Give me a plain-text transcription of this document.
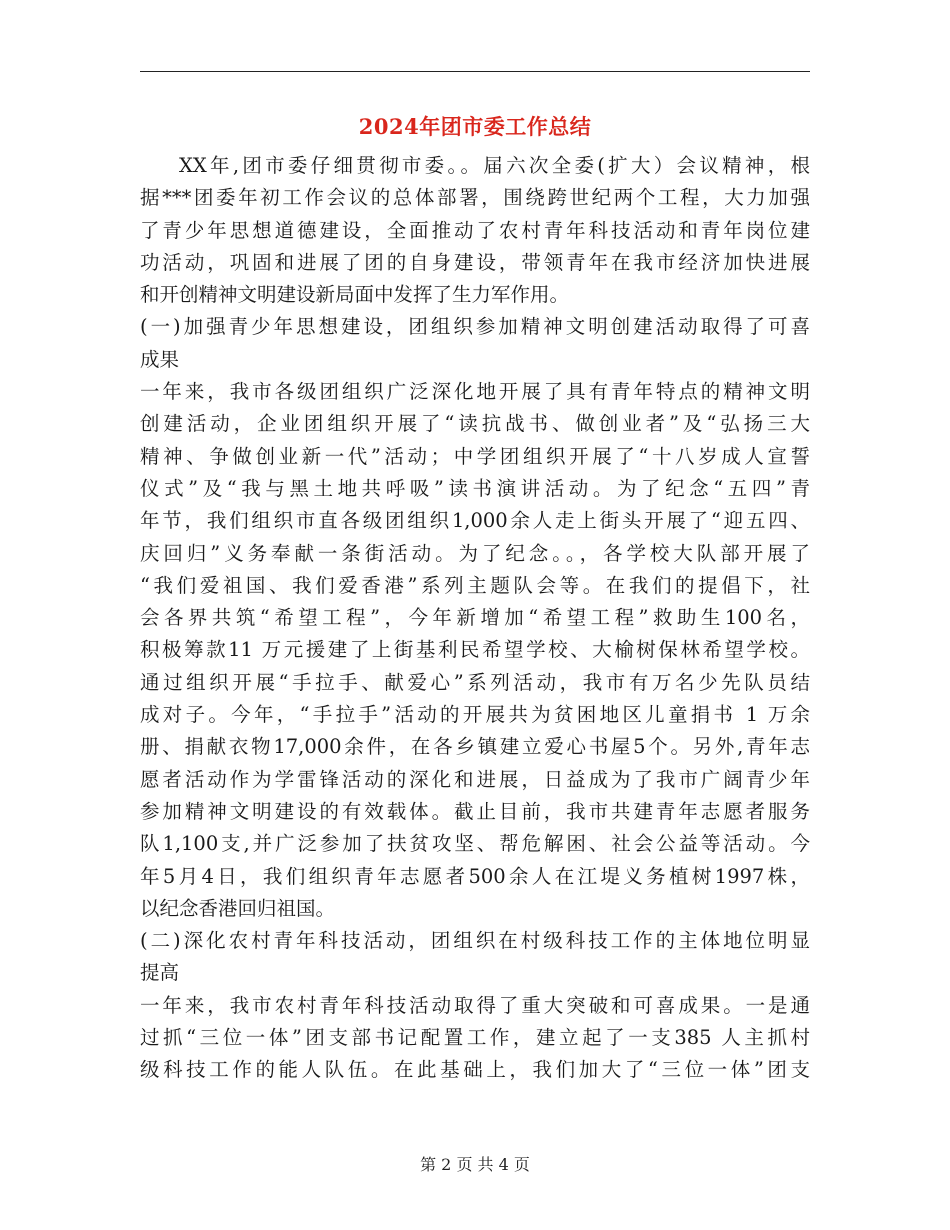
2024年团市委工作总结
XX年,团市委仔细贯彻市委。。届六次全委(扩大）会议精神，根
据***团委年初工作会议的总体部署，围绕跨世纪两个工程，大力加强
了青少年思想道德建设，全面推动了农村青年科技活动和青年岗位建
功活动，巩固和进展了团的自身建设，带领青年在我市经济加快进展
和开创精神文明建设新局面中发挥了生力军作用。
(一)加强青少年思想建设，团组织参加精神文明创建活动取得了可喜
成果
一年来，我市各级团组织广泛深化地开展了具有青年特点的精神文明
创建活动，企业团组织开展了“读抗战书、做创业者”及“弘扬三大
精神、争做创业新一代”活动；中学团组织开展了“十八岁成人宣誓
仪式”及“我与黑土地共呼吸”读书演讲活动。为了纪念“五四”青
年节，我们组织市直各级团组织1,000余人走上街头开展了“迎五四、
庆回归”义务奉献一条街活动。为了纪念。。，各学校大队部开展了
“我们爱祖国、我们爱香港”系列主题队会等。在我们的提倡下，社
会各界共筑“希望工程”，今年新增加“希望工程”救助生100名，
积极筹款11 万元援建了上街基利民希望学校、大榆树保林希望学校。
通过组织开展“手拉手、献爱心”系列活动，我市有万名少先队员结
成对子。今年，“手拉手”活动的开展共为贫困地区儿童捐书 1 万余
册、捐献衣物17,000余件，在各乡镇建立爱心书屋5个。另外,青年志
愿者活动作为学雷锋活动的深化和进展，日益成为了我市广阔青少年
参加精神文明建设的有效载体。截止目前，我市共建青年志愿者服务
队1,100支,并广泛参加了扶贫攻坚、帮危解困、社会公益等活动。今
年5月4日，我们组织青年志愿者500余人在江堤义务植树1997株，
以纪念香港回归祖国。
(二)深化农村青年科技活动，团组织在村级科技工作的主体地位明显
提高
一年来，我市农村青年科技活动取得了重大突破和可喜成果。一是通
过抓“三位一体”团支部书记配置工作，建立起了一支385 人主抓村
级科技工作的能人队伍。在此基础上，我们加大了“三位一体”团支
第 2 页 共 4 页
